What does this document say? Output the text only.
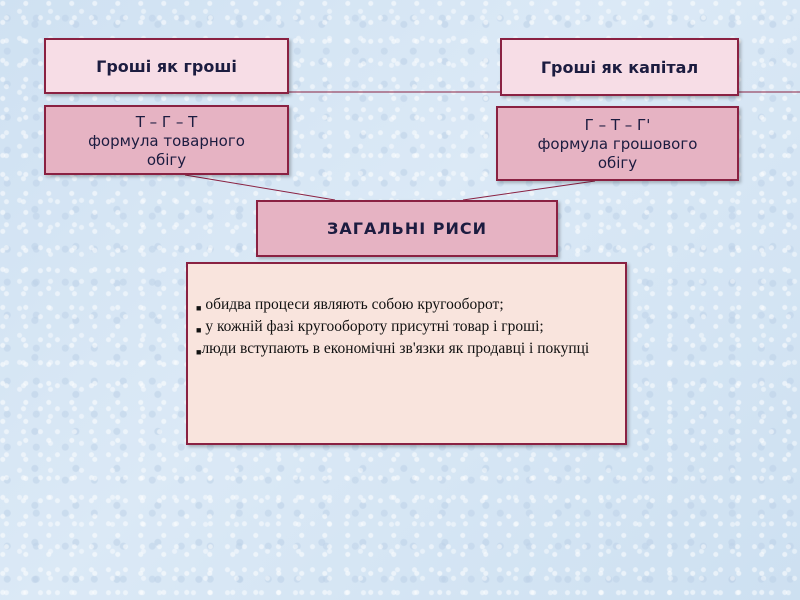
Гроші як гроші	Гроші як капітал
Т – Г – Т
формула товарного
обігу
Г – Т – Г'
формула грошового
обігу
ЗАГАЛЬНІ РИСИ

■ обидва процеси являють собою кругооборот;

■ у кожній фазі кругообороту присутні товар і гроші;

■люди вступають в економічні зв'язки як продавці і покупці
